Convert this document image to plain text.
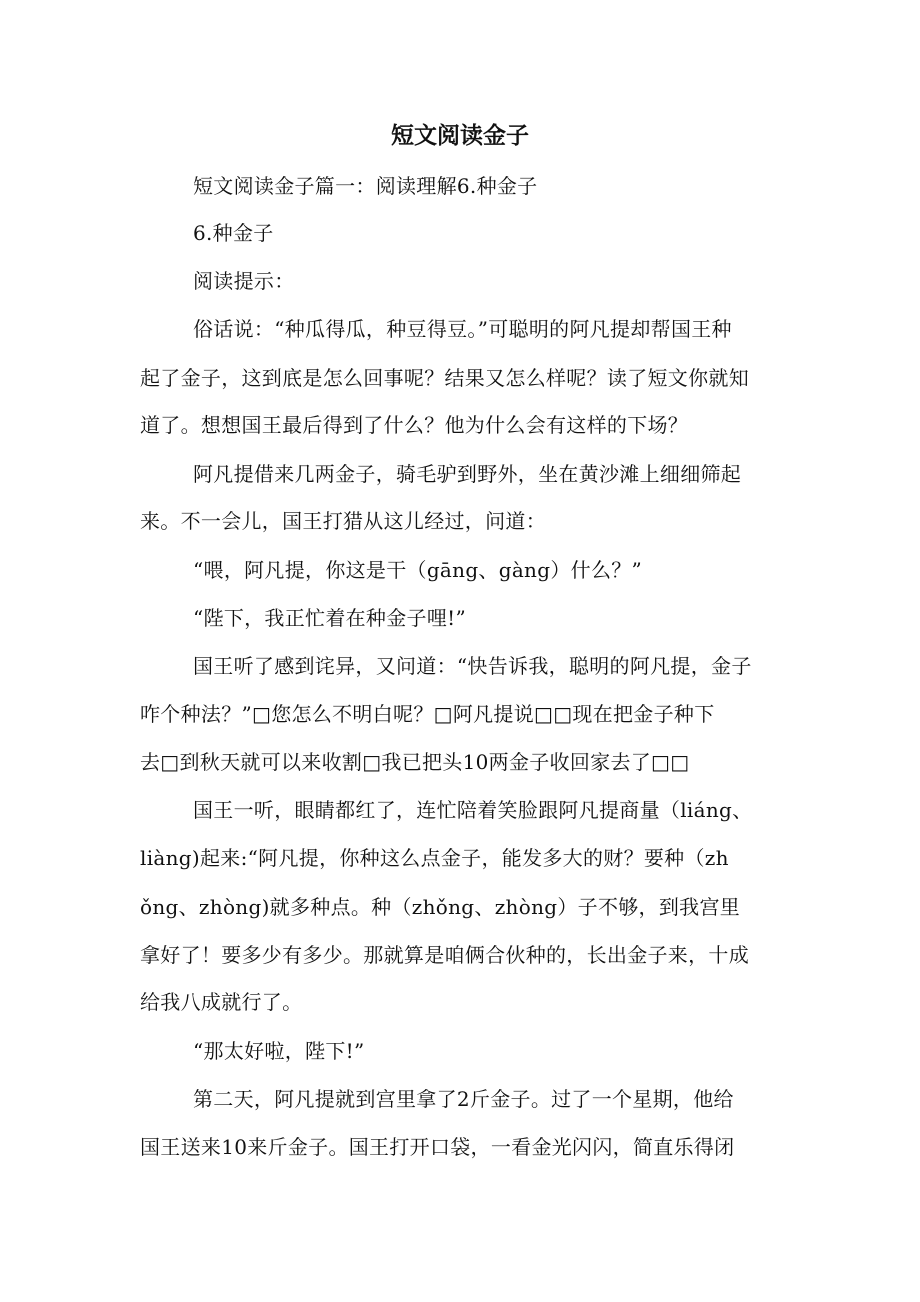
短文阅读金子
短文阅读金子篇一：阅读理解6.种金子
6.种金子
阅读提示：
俗话说：“种瓜得瓜，种豆得豆。”可聪明的阿凡提却帮国王种
起了金子，这到底是怎么回事呢？结果又怎么样呢？读了短文你就知
道了。想想国王最后得到了什么？他为什么会有这样的下场？
阿凡提借来几两金子，骑毛驴到野外，坐在黄沙滩上细细筛起
来。不一会儿，国王打猎从这儿经过，问道：
“喂，阿凡提，你这是干（gāng、gàng）什么？”
“陛下，我正忙着在种金子哩!”
国王听了感到诧异，又问道：“快告诉我，聪明的阿凡提，金子
咋个种法？”□您怎么不明白呢？□阿凡提说□□现在把金子种下
去□到秋天就可以来收割□我已把头10两金子收回家去了□□
国王一听，眼睛都红了，连忙陪着笑脸跟阿凡提商量（liáng、
liàng)起来:“阿凡提，你种这么点金子，能发多大的财？要种（zh
ǒng、zhòng)就多种点。种（zhǒng、zhòng）子不够，到我宫里
拿好了！要多少有多少。那就算是咱俩合伙种的，长出金子来，十成
给我八成就行了。
“那太好啦，陛下!”
第二天，阿凡提就到宫里拿了2斤金子。过了一个星期，他给
国王送来10来斤金子。国王打开口袋，一看金光闪闪，简直乐得闭
